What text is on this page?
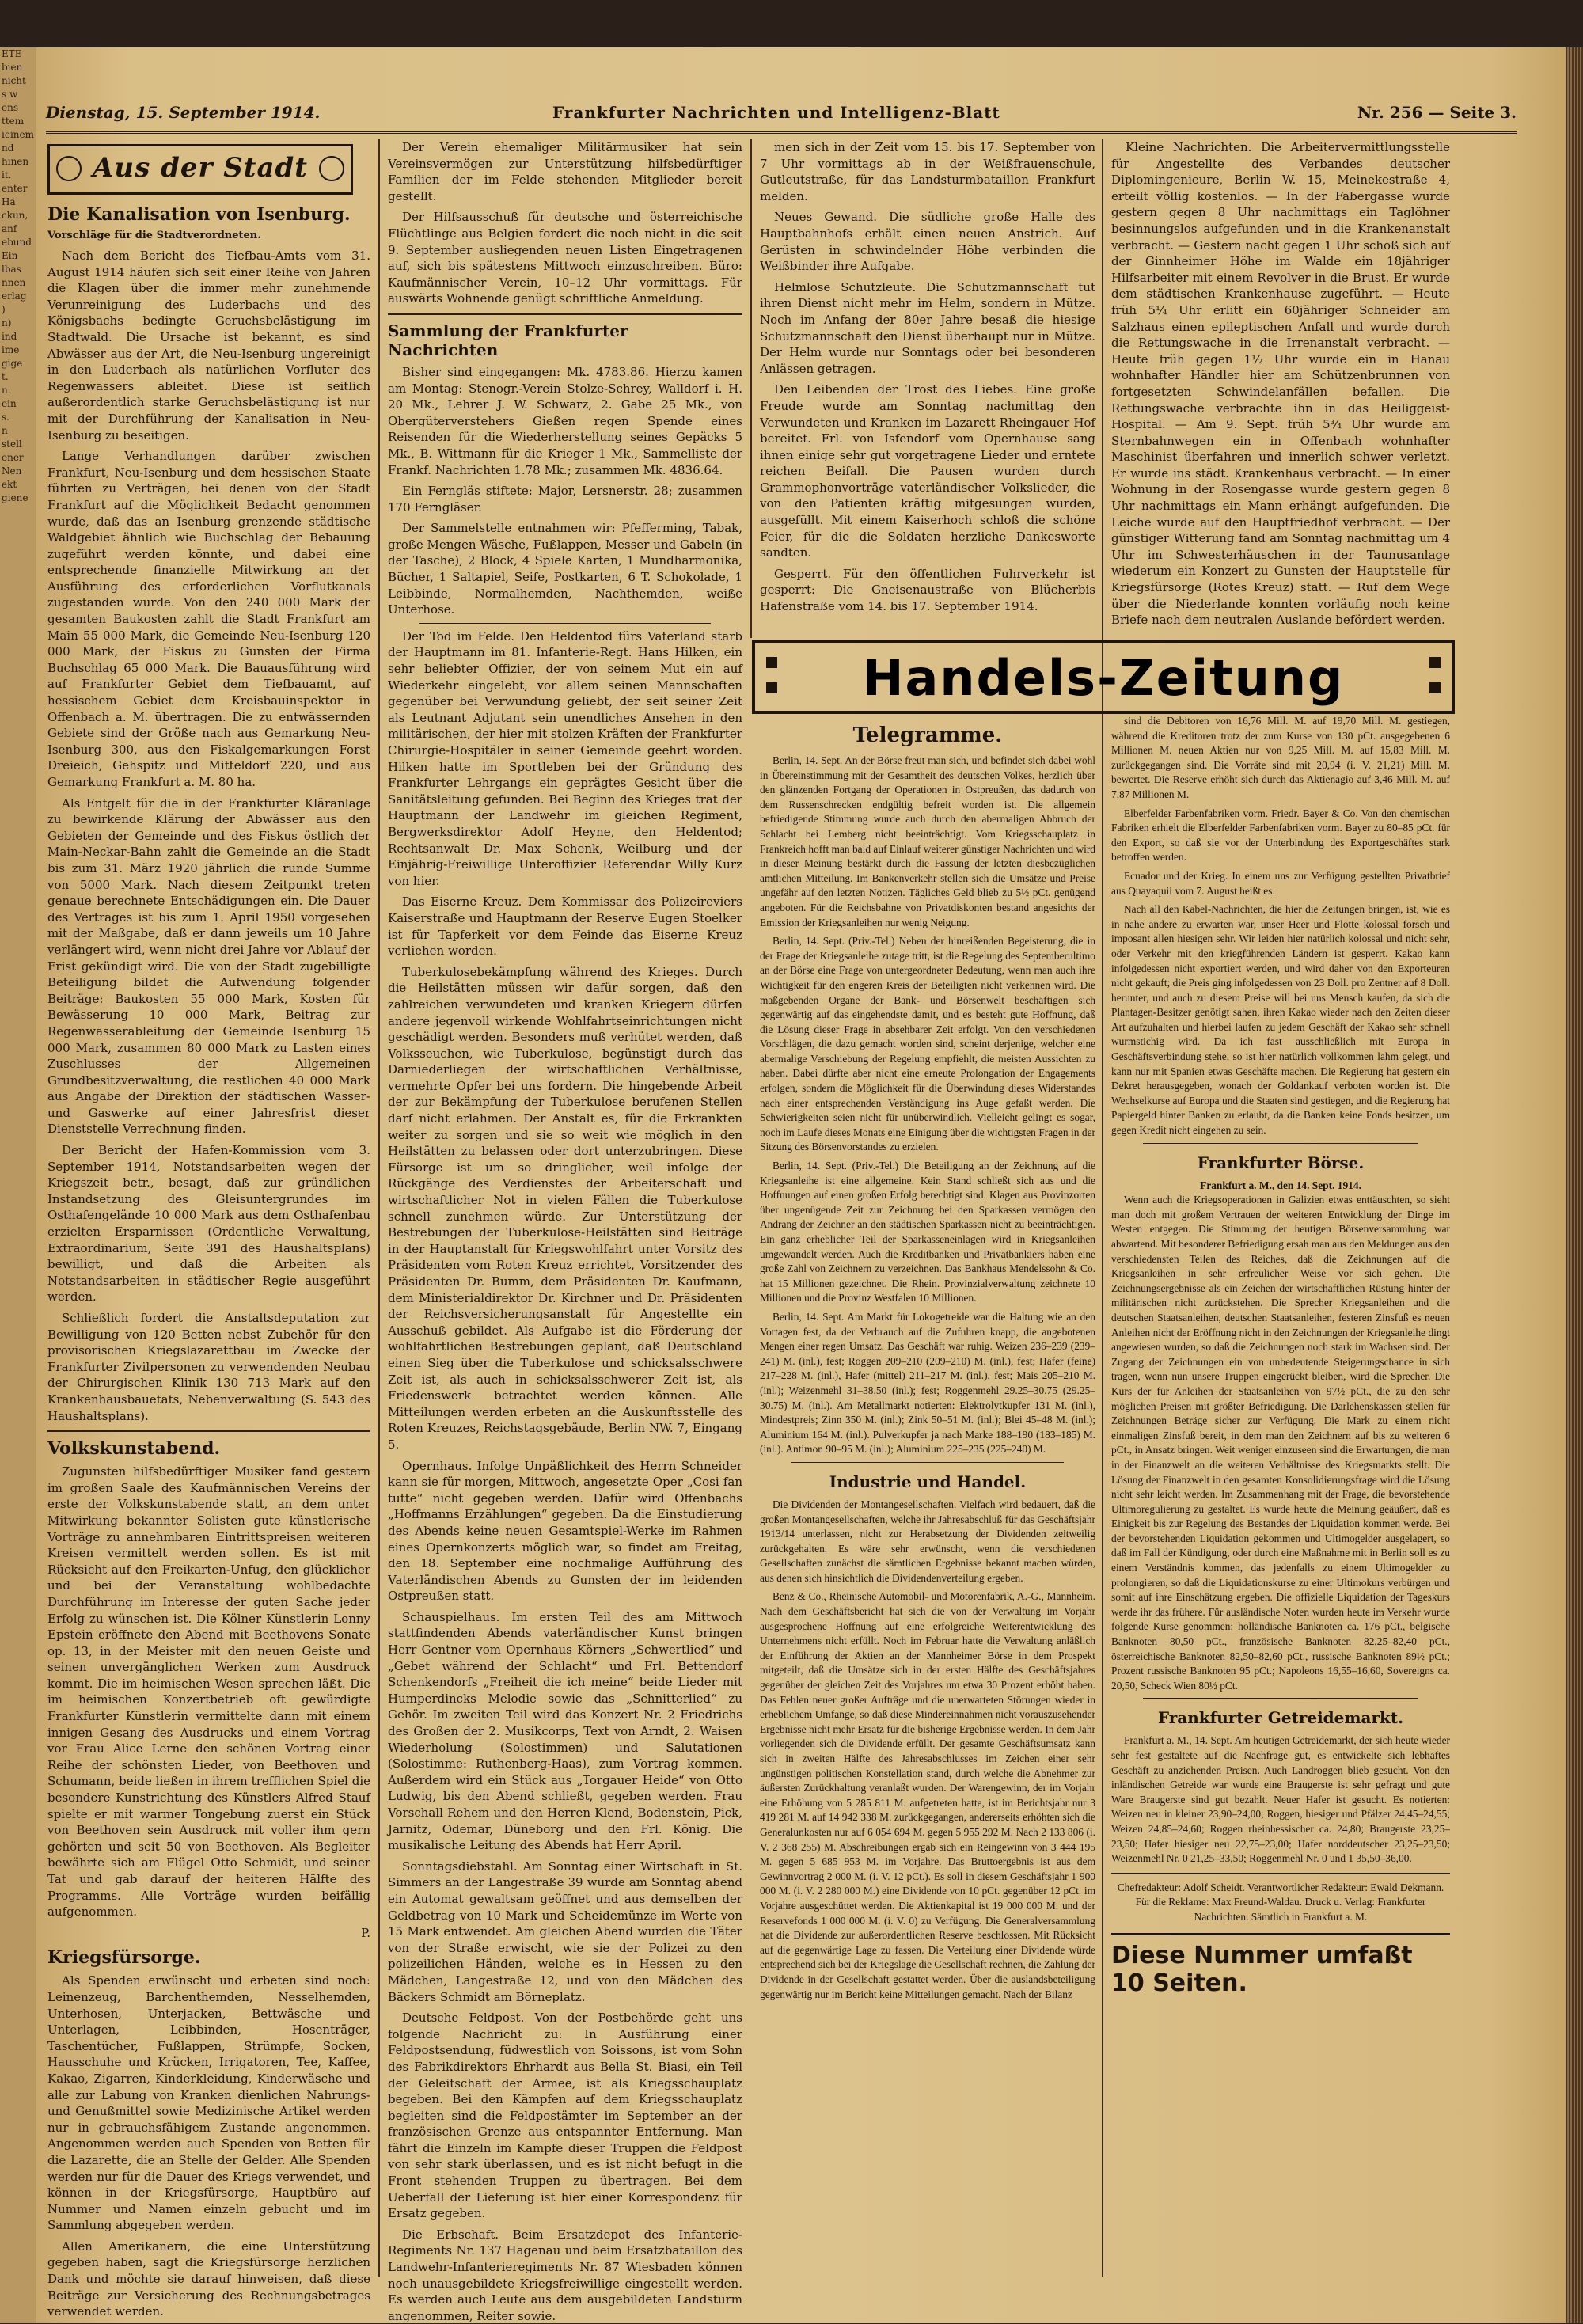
ETE
bien
nicht
s w
ens
ttem
ieinem
nd
hinen
it.
enter
Ha
ckun,
anf
ebund
Ein
lbas
nnen
erlag
)
n)
ind
ime
gige
t.
n.
ein
s.
n
stell
ener
Nen
ekt
giene
Dienstag, 15. September 1914.	Frankfurter Nachrichten und Intelligenz-Blatt	Nr. 256 — Seite 3.
Aus der Stadt
Die Kanalisation von Isenburg.
Vorschläge für die Stadtverordneten.

Nach dem Bericht des Tiefbau-Amts vom 31. August 1914 häufen sich seit einer Reihe von Jahren die Klagen über die immer mehr zunehmende Verunreinigung des Luderbachs und des Königsbachs bedingte Geruchsbelästigung im Stadtwald. Die Ursache ist bekannt, es sind Abwässer aus der Art, die Neu-Isenburg ungereinigt in den Luderbach als natürlichen Vorfluter des Regenwassers ableitet. Diese ist seitlich außerordentlich starke Geruchsbelästigung ist nur mit der Durchführung der Kanalisation in Neu-Isenburg zu beseitigen.

Lange Verhandlungen darüber zwischen Frankfurt, Neu-Isenburg und dem hessischen Staate führten zu Verträgen, bei denen von der Stadt Frankfurt auf die Möglichkeit Bedacht genommen wurde, daß das an Isenburg grenzende städtische Waldgebiet ähnlich wie Buchschlag der Bebauung zugeführt werden könnte, und dabei eine entsprechende finanzielle Mitwirkung an der Ausführung des erforderlichen Vorflutkanals zugestanden wurde. Von den 240 000 Mark der gesamten Baukosten zahlt die Stadt Frankfurt am Main 55 000 Mark, die Gemeinde Neu-Isenburg 120 000 Mark, der Fiskus zu Gunsten der Firma Buchschlag 65 000 Mark. Die Bauausführung wird auf Frankfurter Gebiet dem Tiefbauamt, auf hessischem Gebiet dem Kreisbauinspektor in Offenbach a. M. übertragen. Die zu entwässernden Gebiete sind der Größe nach aus Gemarkung Neu-Isenburg 300, aus den Fiskalgemarkungen Forst Dreieich, Gehspitz und Mitteldorf 220, und aus Gemarkung Frankfurt a. M. 80 ha.

Als Entgelt für die in der Frankfurter Kläranlage zu bewirkende Klärung der Abwässer aus den Gebieten der Gemeinde und des Fiskus östlich der Main-Neckar-Bahn zahlt die Gemeinde an die Stadt bis zum 31. März 1920 jährlich die runde Summe von 5000 Mark. Nach diesem Zeitpunkt treten genaue berechnete Entschädigungen ein. Die Dauer des Vertrages ist bis zum 1. April 1950 vorgesehen mit der Maßgabe, daß er dann jeweils um 10 Jahre verlängert wird, wenn nicht drei Jahre vor Ablauf der Frist gekündigt wird. Die von der Stadt zugebilligte Beteiligung bildet die Aufwendung folgender Beiträge: Baukosten 55 000 Mark, Kosten für Bewässerung 10 000 Mark, Beitrag zur Regenwasserableitung der Gemeinde Isenburg 15 000 Mark, zusammen 80 000 Mark zu Lasten eines Zuschlusses der Allgemeinen Grundbesitzverwaltung, die restlichen 40 000 Mark aus Angabe der Direktion der städtischen Wasser- und Gaswerke auf einer Jahresfrist dieser Dienststelle Verrechnung finden.

Der Bericht der Hafen-Kommission vom 3. September 1914, Notstandsarbeiten wegen der Kriegszeit betr., besagt, daß zur gründlichen Instandsetzung des Gleisuntergrundes im Osthafengelände 10 000 Mark aus dem Osthafenbau erzielten Ersparnissen (Ordentliche Verwaltung, Extraordinarium, Seite 391 des Haushaltsplans) bewilligt, und daß die Arbeiten als Notstandsarbeiten in städtischer Regie ausgeführt werden.

Schließlich fordert die Anstaltsdeputation zur Bewilligung von 120 Betten nebst Zubehör für den provisorischen Kriegslazarettbau im Zwecke der Frankfurter Zivilpersonen zu verwendenden Neubau der Chirurgischen Klinik 130 713 Mark auf den Krankenhausbauetats, Nebenverwaltung (S. 543 des Haushaltsplans).

Volkskunstabend.

Zugunsten hilfsbedürftiger Musiker fand gestern im großen Saale des Kaufmännischen Vereins der erste der Volkskunstabende statt, an dem unter Mitwirkung bekannter Solisten gute künstlerische Vorträge zu annehmbaren Eintrittspreisen weiteren Kreisen vermittelt werden sollen. Es ist mit Rücksicht auf den Freikarten-Unfug, den glücklicher und bei der Veranstaltung wohlbedachte Durchführung im Interesse der guten Sache jeder Erfolg zu wünschen ist. Die Kölner Künstlerin Lonny Epstein eröffnete den Abend mit Beethovens Sonate op. 13, in der Meister mit den neuen Geiste und seinen unvergänglichen Werken zum Ausdruck kommt. Die im heimischen Wesen sprechen läßt. Die im heimischen Konzertbetrieb oft gewürdigte Frankfurter Künstlerin vermittelte dann mit einem innigen Gesang des Ausdrucks und einem Vortrag vor Frau Alice Lerne den schönen Vortrag einer Reihe der schönsten Lieder, von Beethoven und Schumann, beide ließen in ihrem trefflichen Spiel die besondere Kunstrichtung des Künstlers Alfred Stauf spielte er mit warmer Tongebung zuerst ein Stück von Beethoven sein Ausdruck mit voller ihm gern gehörten und seit 50 von Beethoven. Als Begleiter bewährte sich am Flügel Otto Schmidt, und seiner Tat und gab darauf der heiteren Hälfte des Programms. Alle Vorträge wurden beifällig aufgenommen.

P.

Kriegsfürsorge.

Als Spenden erwünscht und erbeten sind noch: Leinenzeug, Barchenthemden, Nesselhemden, Unterhosen, Unterjacken, Bettwäsche und Unterlagen, Leibbinden, Hosenträger, Taschentücher, Fußlappen, Strümpfe, Socken, Hausschuhe und Krücken, Irrigatoren, Tee, Kaffee, Kakao, Zigarren, Kinderkleidung, Kinderwäsche und alle zur Labung von Kranken dienlichen Nahrungs- und Genußmittel sowie Medizinische Artikel werden nur in gebrauchsfähigem Zustande angenommen. Angenommen werden auch Spenden von Betten für die Lazarette, die an Stelle der Gelder. Alle Spenden werden nur für die Dauer des Kriegs verwendet, und können in der Kriegsfürsorge, Hauptbüro auf Nummer und Namen einzeln gebucht und im Sammlung abgegeben werden.

Allen Amerikanern, die eine Unterstützung gegeben haben, sagt die Kriegsfürsorge herzlichen Dank und möchte sie darauf hinweisen, daß diese Beiträge zur Versicherung des Rechnungsbetrages verwendet werden.

Der Verein ehemaliger Militärmusiker hat sein Vereinsvermögen zur Unterstützung hilfsbedürftiger Familien der im Felde stehenden Mitglieder bereit gestellt.

Der Hilfsausschuß für deutsche und österreichische Flüchtlinge aus Belgien fordert die noch nicht in die seit 9. September ausliegenden neuen Listen Eingetragenen auf, sich bis spätestens Mittwoch einzuschreiben. Büro: Kaufmännischer Verein, 10–12 Uhr vormittags. Für auswärts Wohnende genügt schriftliche Anmeldung.

Sammlung der Frankfurter Nachrichten

Bisher sind eingegangen: Mk. 4783.86. Hierzu kamen am Montag: Stenogr.-Verein Stolze-Schrey, Walldorf i. H. 20 Mk., Lehrer J. W. Schwarz, 2. Gabe 25 Mk., von Obergüterverstehers Gießen regen Spende eines Reisenden für die Wiederherstellung seines Gepäcks 5 Mk., B. Wittmann für die Krieger 1 Mk., Sammelliste der Frankf. Nachrichten 1.78 Mk.; zusammen Mk. 4836.64.

Ein Ferngläs stiftete: Major, Lersnerstr. 28; zusammen 170 Ferngläser.

Der Sammelstelle entnahmen wir: Pfefferming, Tabak, große Mengen Wäsche, Fußlappen, Messer und Gabeln (in der Tasche), 2 Block, 4 Spiele Karten, 1 Mundharmonika, Bücher, 1 Saltapiel, Seife, Postkarten, 6 T. Schokolade, 1 Leibbinde, Normalhemden, Nachthemden, weiße Unterhose.

Der Tod im Felde. Den Heldentod fürs Vaterland starb der Hauptmann im 81. Infanterie-Regt. Hans Hilken, ein sehr beliebter Offizier, der von seinem Mut ein auf Wiederkehr eingelebt, vor allem seinen Mannschaften gegenüber bei Verwundung geliebt, der seit seiner Zeit als Leutnant Adjutant sein unendliches Ansehen in den militärischen, der hier mit stolzen Kräften der Frankfurter Chirurgie-Hospitäler in seiner Gemeinde geehrt worden. Hilken hatte im Sportleben bei der Gründung des Frankfurter Lehrgangs ein geprägtes Gesicht über die Sanitätsleitung gefunden. Bei Beginn des Krieges trat der Hauptmann der Landwehr im gleichen Regiment, Bergwerksdirektor Adolf Heyne, den Heldentod; Rechtsanwalt Dr. Max Schenk, Weilburg und der Einjährig-Freiwillige Unteroffizier Referendar Willy Kurz von hier.

Das Eiserne Kreuz. Dem Kommissar des Polizeireviers Kaiserstraße und Hauptmann der Reserve Eugen Stoelker ist für Tapferkeit vor dem Feinde das Eiserne Kreuz verliehen worden.

Tuberkulosebekämpfung während des Krieges. Durch die Heilstätten müssen wir dafür sorgen, daß den zahlreichen verwundeten und kranken Kriegern dürfen andere jegenvoll wirkende Wohlfahrtseinrichtungen nicht geschädigt werden. Besonders muß verhütet werden, daß Volksseuchen, wie Tuberkulose, begünstigt durch das Darniederliegen der wirtschaftlichen Verhältnisse, vermehrte Opfer bei uns fordern. Die hingebende Arbeit der zur Bekämpfung der Tuberkulose berufenen Stellen darf nicht erlahmen. Der Anstalt es, für die Erkrankten weiter zu sorgen und sie so weit wie möglich in den Heilstätten zu belassen oder dort unterzubringen. Diese Fürsorge ist um so dringlicher, weil infolge der Rückgänge des Verdienstes der Arbeiterschaft und wirtschaftlicher Not in vielen Fällen die Tuberkulose schnell zunehmen würde. Zur Unterstützung der Bestrebungen der Tuberkulose-Heilstätten sind Beiträge in der Hauptanstalt für Kriegswohlfahrt unter Vorsitz des Präsidenten vom Roten Kreuz errichtet, Vorsitzender des Präsidenten Dr. Bumm, dem Präsidenten Dr. Kaufmann, dem Ministerialdirektor Dr. Kirchner und Dr. Präsidenten der Reichsversicherungsanstalt für Angestellte ein Ausschuß gebildet. Als Aufgabe ist die Förderung der wohlfahrtlichen Bestrebungen geplant, daß Deutschland einen Sieg über die Tuberkulose und schicksalsschwere Zeit ist, als auch in schicksalsschwerer Zeit ist, als Friedenswerk betrachtet werden können. Alle Mitteilungen werden erbeten an die Auskunftsstelle des Roten Kreuzes, Reichstagsgebäude, Berlin NW. 7, Eingang 5.

Opernhaus. Infolge Unpäßlichkeit des Herrn Schneider kann sie für morgen, Mittwoch, angesetzte Oper „Cosi fan tutte“ nicht gegeben werden. Dafür wird Offenbachs „Hoffmanns Erzählungen“ gegeben. Da die Einstudierung des Abends keine neuen Gesamtspiel-Werke im Rahmen eines Opernkonzerts möglich war, so findet am Freitag, den 18. September eine nochmalige Aufführung des Vaterländischen Abends zu Gunsten der im leidenden Ostpreußen statt.

Schauspielhaus. Im ersten Teil des am Mittwoch stattfindenden Abends vaterländischer Kunst bringen Herr Gentner vom Opernhaus Körners „Schwertlied“ und „Gebet während der Schlacht“ und Frl. Bettendorf Schenkendorfs „Freiheit die ich meine“ beide Lieder mit Humperdincks Melodie sowie das „Schnitterlied“ zu Gehör. Im zweiten Teil wird das Konzert Nr. 2 Friedrichs des Großen der 2. Musikcorps, Text von Arndt, 2. Waisen Wiederholung (Solostimmen) und Salutationen (Solostimme: Ruthenberg-Haas), zum Vortrag kommen. Außerdem wird ein Stück aus „Torgauer Heide“ von Otto Ludwig, bis den Abend schließt, gegeben werden. Frau Vorschall Rehem und den Herren Klend, Bodenstein, Pick, Jarnitz, Odemar, Düneborg und den Frl. König. Die musikalische Leitung des Abends hat Herr April.

Sonntagsdiebstahl. Am Sonntag einer Wirtschaft in St. Simmers an der Langestraße 39 wurde am Sonntag abend ein Automat gewaltsam geöffnet und aus demselben der Geldbetrag von 10 Mark und Scheidemünze im Werte von 15 Mark entwendet. Am gleichen Abend wurden die Täter von der Straße erwischt, wie sie der Polizei zu den polizeilichen Händen, welche es in Hessen zu den Mädchen, Langestraße 12, und von den Mädchen des Bäckers Schmidt am Börneplatz.

Deutsche Feldpost. Von der Postbehörde geht uns folgende Nachricht zu: In Ausführung einer Feldpostsendung, füdwestlich von Soissons, ist vom Sohn des Fabrikdirektors Ehrhardt aus Bella St. Biasi, ein Teil der Geleitschaft der Armee, ist als Kriegsschauplatz begeben. Bei den Kämpfen auf dem Kriegsschauplatz begleiten sind die Feldpostämter im September an der französischen Grenze aus entspannter Entfernung. Man fährt die Einzeln im Kampfe dieser Truppen die Feldpost von sehr stark überlassen, und es ist nicht befugt in die Front stehenden Truppen zu übertragen. Bei dem Ueberfall der Lieferung ist hier einer Korrespondenz für Ersatz gegeben.

Die Erbschaft. Beim Ersatzdepot des Infanterie-Regiments Nr. 137 Hagenau und beim Ersatzbataillon des Landwehr-Infanterieregiments Nr. 87 Wiesbaden können noch unausgebildete Kriegsfreiwillige eingestellt werden. Es werden auch Leute aus dem ausgebildeten Landsturm angenommen, Reiter sowie.

men sich in der Zeit vom 15. bis 17. September von 7 Uhr vormittags ab in der Weißfrauenschule, Gutleutstraße, für das Landsturmbataillon Frankfurt melden.

Neues Gewand. Die südliche große Halle des Hauptbahnhofs erhält einen neuen Anstrich. Auf Gerüsten in schwindelnder Höhe verbinden die Weißbinder ihre Aufgabe.

Helmlose Schutzleute. Die Schutzmannschaft tut ihren Dienst nicht mehr im Helm, sondern in Mütze. Noch im Anfang der 80er Jahre besaß die hiesige Schutzmannschaft den Dienst überhaupt nur in Mütze. Der Helm wurde nur Sonntags oder bei besonderen Anlässen getragen.

Den Leibenden der Trost des Liebes. Eine große Freude wurde am Sonntag nachmittag den Verwundeten und Kranken im Lazarett Rheingauer Hof bereitet. Frl. von Isfendorf vom Opernhause sang ihnen einige sehr gut vorgetragene Lieder und erntete reichen Beifall. Die Pausen wurden durch Grammophonvorträge vaterländischer Volkslieder, die von den Patienten kräftig mitgesungen wurden, ausgefüllt. Mit einem Kaiserhoch schloß die schöne Feier, für die die Soldaten herzliche Dankesworte sandten.

Gesperrt. Für den öffentlichen Fuhrverkehr ist gesperrt: Die Gneisenaustraße von Blücherbis Hafenstraße vom 14. bis 17. September 1914.

Kleine Nachrichten. Die Arbeitervermittlungsstelle für Angestellte des Verbandes deutscher Diplomingenieure, Berlin W. 15, Meinekestraße 4, erteilt völlig kostenlos. — In der Fabergasse wurde gestern gegen 8 Uhr nachmittags ein Taglöhner besinnungslos aufgefunden und in die Krankenanstalt verbracht. — Gestern nacht gegen 1 Uhr schoß sich auf der Ginnheimer Höhe im Walde ein 18jähriger Hilfsarbeiter mit einem Revolver in die Brust. Er wurde dem städtischen Krankenhause zugeführt. — Heute früh 5¼ Uhr erlitt ein 60jähriger Schneider am Salzhaus einen epileptischen Anfall und wurde durch die Rettungswache in die Irrenanstalt verbracht. — Heute früh gegen 1½ Uhr wurde ein in Hanau wohnhafter Händler hier am Schützenbrunnen von fortgesetzten Schwindelanfällen befallen. Die Rettungswache verbrachte ihn in das Heiliggeist-Hospital. — Am 9. Sept. früh 5¾ Uhr wurde am Sternbahnwegen ein in Offenbach wohnhafter Maschinist überfahren und innerlich schwer verletzt. Er wurde ins städt. Krankenhaus verbracht. — In einer Wohnung in der Rosengasse wurde gestern gegen 8 Uhr nachmittags ein Mann erhängt aufgefunden. Die Leiche wurde auf den Hauptfriedhof verbracht. — Der günstiger Witterung fand am Sonntag nachmittag um 4 Uhr im Schwesterhäuschen in der Taunusanlage wiederum ein Konzert zu Gunsten der Hauptstelle für Kriegsfürsorge (Rotes Kreuz) statt. — Ruf dem Wege über die Niederlande konnten vorläufig noch keine Briefe nach dem neutralen Auslande befördert werden.

Handels-Zeitung
Telegramme.

Berlin, 14. Sept. An der Börse freut man sich, und befindet sich dabei wohl in Übereinstimmung mit der Gesamtheit des deutschen Volkes, herzlich über den glänzenden Fortgang der Operationen in Ostpreußen, das dadurch von dem Russenschrecken endgültig befreit worden ist. Die allgemein befriedigende Stimmung wurde auch durch den abermaligen Abbruch der Schlacht bei Lemberg nicht beeinträchtigt. Vom Kriegsschauplatz in Frankreich hofft man bald auf Einlauf weiterer günstiger Nachrichten und wird in dieser Meinung bestärkt durch die Fassung der letzten diesbezüglichen amtlichen Mitteilung. Im Bankenverkehr stellen sich die Umsätze und Preise ungefähr auf den letzten Notizen. Tägliches Geld blieb zu 5½ pCt. genügend angeboten. Für die Reichsbahne von Privatdiskonten bestand angesichts der Emission der Kriegsanleihen nur wenig Neigung.

Berlin, 14. Sept. (Priv.-Tel.) Neben der hinreißenden Begeisterung, die in der Frage der Kriegsanleihe zutage tritt, ist die Regelung des Septemberultimo an der Börse eine Frage von untergeordneter Bedeutung, wenn man auch ihre Wichtigkeit für den engeren Kreis der Beteiligten nicht verkennen wird. Die maßgebenden Organe der Bank- und Börsenwelt beschäftigen sich gegenwärtig auf das eingehendste damit, und es besteht gute Hoffnung, daß die Lösung dieser Frage in absehbarer Zeit erfolgt. Von den verschiedenen Vorschlägen, die dazu gemacht worden sind, scheint derjenige, welcher eine abermalige Verschiebung der Regelung empfiehlt, die meisten Aussichten zu haben. Dabei dürfte aber nicht eine erneute Prolongation der Engagements erfolgen, sondern die Möglichkeit für die Überwindung dieses Widerstandes nach einer entsprechenden Verständigung ins Auge gefaßt werden. Die Schwierigkeiten seien nicht für unüberwindlich. Vielleicht gelingt es sogar, noch im Laufe dieses Monats eine Einigung über die wichtigsten Fragen in der Sitzung des Börsenvorstandes zu erzielen.

Berlin, 14. Sept. (Priv.-Tel.) Die Beteiligung an der Zeichnung auf die Kriegsanleihe ist eine allgemeine. Kein Stand schließt sich aus und die Hoffnungen auf einen großen Erfolg berechtigt sind. Klagen aus Provinzorten über ungenügende Zeit zur Zeichnung bei den Sparkassen vermögen den Andrang der Zeichner an den städtischen Sparkassen nicht zu beeinträchtigen. Ein ganz erheblicher Teil der Sparkasseneinlagen wird in Kriegsanleihen umgewandelt werden. Auch die Kreditbanken und Privatbankiers haben eine große Zahl von Zeichnern zu verzeichnen. Das Bankhaus Mendelssohn & Co. hat 15 Millionen gezeichnet. Die Rhein. Provinzialverwaltung zeichnete 10 Millionen und die Provinz Westfalen 10 Millionen.

Berlin, 14. Sept. Am Markt für Lokogetreide war die Haltung wie an den Vortagen fest, da der Verbrauch auf die Zufuhren knapp, die angebotenen Mengen einer regen Umsatz. Das Geschäft war ruhig. Weizen 236–239 (239–241) M. (inl.), fest; Roggen 209–210 (209–210) M. (inl.), fest; Hafer (feine) 217–228 M. (inl.), Hafer (mittel) 211–217 M. (inl.), fest; Mais 205–210 M. (inl.); Weizenmehl 31–38.50 (inl.); fest; Roggenmehl 29.25–30.75 (29.25–30.75) M. (inl.). Am Metallmarkt notierten: Elektrolytkupfer 131 M. (inl.), Mindestpreis; Zinn 350 M. (inl.); Zink 50–51 M. (inl.); Blei 45–48 M. (inl.); Aluminium 164 M. (inl.). Pulverkupfer ja nach Marke 188–190 (183–185) M. (inl.). Antimon 90–95 M. (inl.); Aluminium 225–235 (225–240) M.

Industrie und Handel.

Die Dividenden der Montangesellschaften. Vielfach wird bedauert, daß die großen Montangesellschaften, welche ihr Jahresabschluß für das Geschäftsjahr 1913/14 unterlassen, nicht zur Herabsetzung der Dividenden zeitweilig zurückgehalten. Es wäre sehr erwünscht, wenn die verschiedenen Gesellschaften zunächst die sämtlichen Ergebnisse bekannt machen würden, aus denen sich hinsichtlich die Dividendenverteilung ergeben.

Benz & Co., Rheinische Automobil- und Motorenfabrik, A.-G., Mannheim. Nach dem Geschäftsbericht hat sich die von der Verwaltung im Vorjahr ausgesprochene Hoffnung auf eine erfolgreiche Weiterentwicklung des Unternehmens nicht erfüllt. Noch im Februar hatte die Verwaltung anläßlich der Einführung der Aktien an der Mannheimer Börse in dem Prospekt mitgeteilt, daß die Umsätze sich in der ersten Hälfte des Geschäftsjahres gegenüber der gleichen Zeit des Vorjahres um etwa 30 Prozent erhöht haben. Das Fehlen neuer großer Aufträge und die unerwarteten Störungen wieder in erheblichem Umfange, so daß diese Mindereinnahmen nicht vorauszusehender Ergebnisse nicht mehr Ersatz für die bisherige Ergebnisse werden. In dem Jahr vorliegenden sich die Dividende erfüllt. Der gesamte Geschäftsumsatz kann sich in zweiten Hälfte des Jahresabschlusses im Zeichen einer sehr ungünstigen politischen Konstellation stand, durch welche die Abnehmer zur äußersten Zurückhaltung veranlaßt wurden. Der Warengewinn, der im Vorjahr eine Erhöhung von 5 285 811 M. aufgetreten hatte, ist im Berichtsjahr nur 3 419 281 M. auf 14 942 338 M. zurückgegangen, andererseits erhöhten sich die Generalunkosten nur auf 6 054 694 M. gegen 5 955 292 M. Nach 2 133 806 (i. V. 2 368 255) M. Abschreibungen ergab sich ein Reingewinn von 3 444 195 M. gegen 5 685 953 M. im Vorjahre. Das Bruttoergebnis ist aus dem Gewinnvortrag 2 000 M. (i. V. 12 pCt.). Es soll in diesem Geschäftsjahr 1 900 000 M. (i. V. 2 280 000 M.) eine Dividende von 10 pCt. gegenüber 12 pCt. im Vorjahre ausgeschüttet werden. Die Aktienkapital ist 19 000 000 M. und der Reservefonds 1 000 000 M. (i. V. 0) zu Verfügung. Die Generalversammlung hat die Dividende zur außerordentlichen Reserve beschlossen. Mit Rücksicht auf die gegenwärtige Lage zu fassen. Die Verteilung einer Dividende würde entsprechend sich bei der Kriegslage die Gesellschaft rechnen, die Zahlung der Dividende in der Gesellschaft gestattet werden. Über die auslandsbeteiligung gegenwärtig nur im Bericht keine Mitteilungen gemacht. Nach der Bilanz

sind die Debitoren von 16,76 Mill. M. auf 19,70 Mill. M. gestiegen, während die Kreditoren trotz der zum Kurse von 130 pCt. ausgegebenen 6 Millionen M. neuen Aktien nur von 9,25 Mill. M. auf 15,83 Mill. M. zurückgegangen sind. Die Vorräte sind mit 20,94 (i. V. 21,21) Mill. M. bewertet. Die Reserve erhöht sich durch das Aktienagio auf 3,46 Mill. M. auf 7,87 Millionen M.

Elberfelder Farbenfabriken vorm. Friedr. Bayer & Co. Von den chemischen Fabriken erhielt die Elberfelder Farbenfabriken vorm. Bayer zu 80–85 pCt. für den Export, so daß sie vor der Unterbindung des Exportgeschäftes stark betroffen werden.

Ecuador und der Krieg. In einem uns zur Verfügung gestellten Privatbrief aus Quayaquil vom 7. August heißt es:

Nach all den Kabel-Nachrichten, die hier die Zeitungen bringen, ist, wie es in nahe andere zu erwarten war, unser Heer und Flotte kolossal forsch und imposant allen hiesigen sehr. Wir leiden hier natürlich kolossal und nicht sehr, oder Verkehr mit den kriegführenden Ländern ist gesperrt. Kakao kann infolgedessen nicht exportiert werden, und wird daher von den Exporteuren nicht gekauft; die Preis ging infolgedessen von 23 Doll. pro Zentner auf 8 Doll. herunter, und auch zu diesem Preise will bei uns Mensch kaufen, da sich die Plantagen-Besitzer genötigt sahen, ihren Kakao wieder nach den Zeiten dieser Art aufzuhalten und hierbei laufen zu jedem Geschäft der Kakao sehr schnell wurmstichig wird. Da ich fast ausschließlich mit Europa in Geschäftsverbindung stehe, so ist hier natürlich vollkommen lahm gelegt, und kann nur mit Spanien etwas Geschäfte machen. Die Regierung hat gestern ein Dekret herausgegeben, wonach der Goldankauf verboten worden ist. Die Wechselkurse auf Europa und die Staaten sind gestiegen, und die Regierung hat Papiergeld hinter Banken zu erlaubt, da die Banken keine Fonds besitzen, um gegen Kredit nicht eingehen zu sein.

Frankfurter Börse.
Frankfurt a. M., den 14. Sept. 1914.

Wenn auch die Kriegsoperationen in Galizien etwas enttäuschten, so sieht man doch mit großem Vertrauen der weiteren Entwicklung der Dinge im Westen entgegen. Die Stimmung der heutigen Börsenversammlung war abwartend. Mit besonderer Befriedigung ersah man aus den Meldungen aus den verschiedensten Teilen des Reiches, daß die Zeichnungen auf die Kriegsanleihen in sehr erfreulicher Weise vor sich gehen. Die Zeichnungsergebnisse als ein Zeichen der wirtschaftlichen Rüstung hinter der militärischen nicht zurückstehen. Die Sprecher Kriegsanleihen und die deutschen Staatsanleihen, deutschen Staatsanleihen, festeren Zinsfuß es neuen Anleihen nicht der Eröffnung nicht in den Zeichnungen der Kriegsanleihe dingt angewiesen wurden, so daß die Zeichnungen noch stark im Wachsen sind. Der Zugang der Zeichnungen ein von unbedeutende Steigerungschance in sich tragen, wenn nun unsere Truppen eingerückt bleiben, wird die Sprecher. Die Kurs der für Anleihen der Staatsanleihen von 97½ pCt., die zu den sehr möglichen Preisen mit größter Befriedigung. Die Darlehenskassen stellen für Zeichnungen Beträge sicher zur Verfügung. Die Mark zu einem nicht einmaligen Zinsfuß bereit, in dem man den Zeichnern auf bis zu weiteren 6 pCt., in Ansatz bringen. Weit weniger einzuseen sind die Erwartungen, die man in der Finanzwelt an die weiteren Verhältnisse des Kriegsmarkts stellt. Die Lösung der Finanzwelt in den gesamten Konsolidierungsfrage wird die Lösung nicht sehr leicht werden. Im Zusammenhang mit der Frage, die bevorstehende Ultimoregulierung zu gestaltet. Es wurde heute die Meinung geäußert, daß es Einigkeit bis zur Regelung des Bestandes der Liquidation kommen werde. Bei der bevorstehenden Liquidation gekommen und Ultimogelder ausgelagert, so daß im Fall der Kündigung, oder durch eine Maßnahme mit in Berlin soll es zu einem Verständnis kommen, das jedenfalls zu einem Ultimogelder zu prolongieren, so daß die Liquidationskurse zu einer Ultimokurs verbürgen und somit auf ihre Einschätzung ergeben. Die offizielle Liquidation der Tageskurs werde ihr das frühere. Für ausländische Noten wurden heute im Verkehr wurde folgende Kurse genommen: holländische Banknoten ca. 176 pCt., belgische Banknoten 80,50 pCt., französische Banknoten 82,25–82,40 pCt., österreichische Banknoten 82,50–82,60 pCt., russische Banknoten 89½ pCt.; Prozent russische Banknoten 95 pCt.; Napoleons 16,55–16,60, Sovereigns ca. 20,50, Scheck Wien 80½ pCt.

Frankfurter Getreidemarkt.

Frankfurt a. M., 14. Sept. Am heutigen Getreidemarkt, der sich heute wieder sehr fest gestaltete auf die Nachfrage gut, es entwickelte sich lebhaftes Geschäft zu anziehenden Preisen. Auch Landroggen blieb gesucht. Von den inländischen Getreide war wurde eine Braugerste ist sehr gefragt und gute Ware Braugerste sind gut bezahlt. Neuer Hafer ist gesucht. Es notierten: Weizen neu in kleiner 23,90–24,00; Roggen, hiesiger und Pfälzer 24,45–24,55; Weizen 24,85–24,60; Roggen rheinhessischer ca. 24,80; Braugerste 23,25–23,50; Hafer hiesiger neu 22,75–23,00; Hafer norddeutscher 23,25–23,50; Weizenmehl Nr. 0 21,25–33,50; Roggenmehl Nr. 0 und 1 35,50–36,00.

Chefredakteur: Adolf Scheidt. Verantwortlicher Redakteur: Ewald Dekmann. Für die Reklame: Max Freund-Waldau. Druck u. Verlag: Frankfurter Nachrichten. Sämtlich in Frankfurt a. M.
Diese Nummer umfaßt 10 Seiten.
